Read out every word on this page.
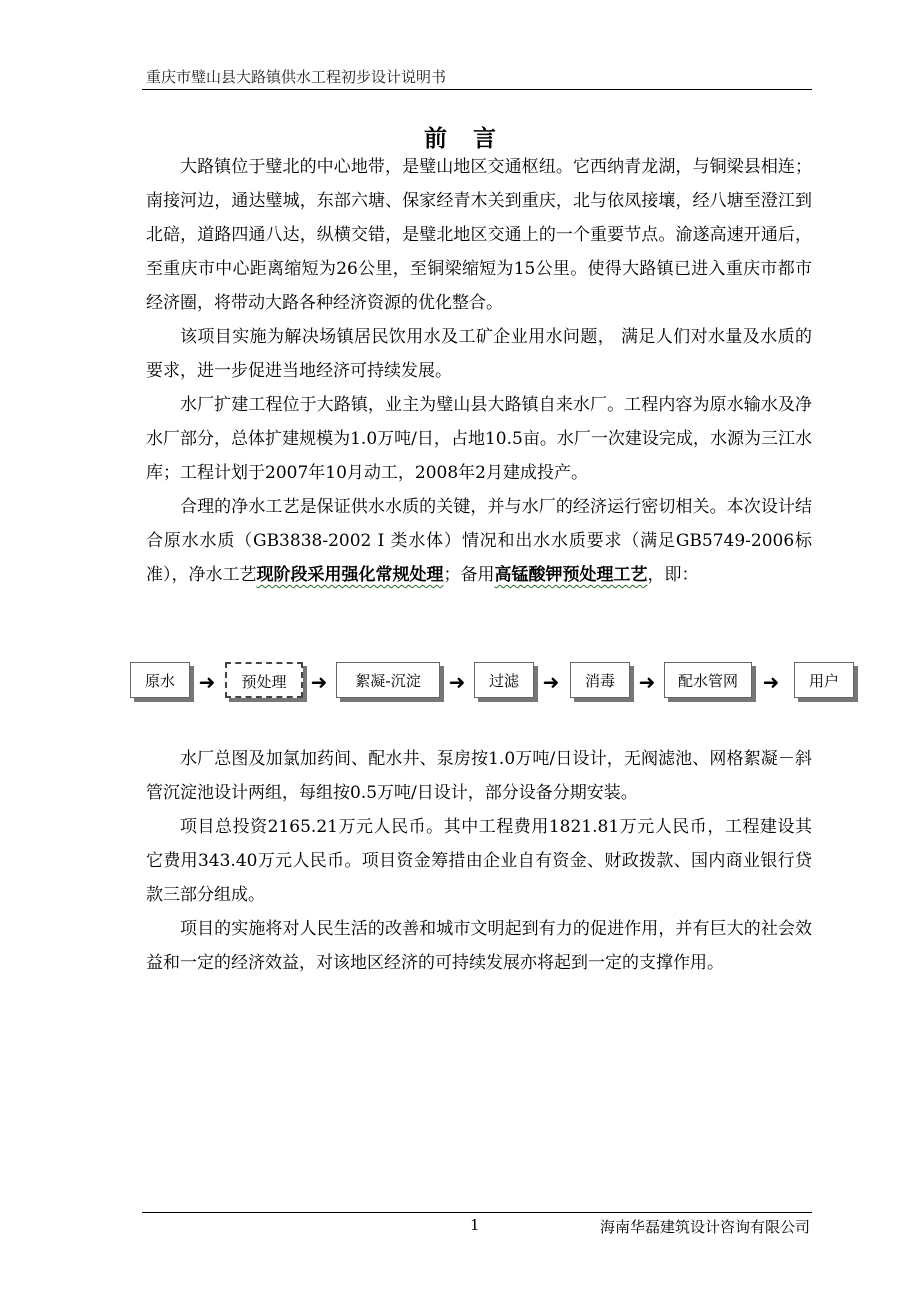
重庆市璧山县大路镇供水工程初步设计说明书
前言

大路镇位于璧北的中心地带，是璧山地区交通枢纽。它西纳青龙湖，与铜梁县相连；南接河边，通达璧城，东部六塘、保家经青木关到重庆，北与依凤接壤，经八塘至澄江到北碚，道路四通八达，纵横交错，是璧北地区交通上的一个重要节点。渝遂高速开通后，至重庆市中心距离缩短为26公里，至铜梁缩短为15公里。使得大路镇已进入重庆市都市经济圈，将带动大路各种经济资源的优化整合。

该项目实施为解决场镇居民饮用水及工矿企业用水问题， 满足人们对水量及水质的要求，进一步促进当地经济可持续发展。

水厂扩建工程位于大路镇，业主为璧山县大路镇自来水厂。工程内容为原水输水及净水厂部分，总体扩建规模为1.0万吨/日，占地10.5亩。水厂一次建设完成，水源为三江水库；工程计划于2007年10月动工，2008年2月建成投产。

合理的净水工艺是保证供水水质的关键，并与水厂的经济运行密切相关。本次设计结合原水水质（GB3838-2002 I 类水体）情况和出水水质要求（满足GB5749-2006标准），净水工艺现阶段采用强化常规处理；备用高锰酸钾预处理工艺，即：

原水	➜	预处理	➜	絮凝-沉淀	➜	过滤	➜	消毒	➜	配水管网	➜	用户

水厂总图及加氯加药间、配水井、泵房按1.0万吨/日设计，无阀滤池、网格絮凝－斜管沉淀池设计两组，每组按0.5万吨/日设计，部分设备分期安装。

项目总投资2165.21万元人民币。其中工程费用1821.81万元人民币，工程建设其它费用343.40万元人民币。项目资金筹措由企业自有资金、财政拨款、国内商业银行贷款三部分组成。

项目的实施将对人民生活的改善和城市文明起到有力的促进作用，并有巨大的社会效益和一定的经济效益，对该地区经济的可持续发展亦将起到一定的支撑作用。

1	海南华磊建筑设计咨询有限公司
